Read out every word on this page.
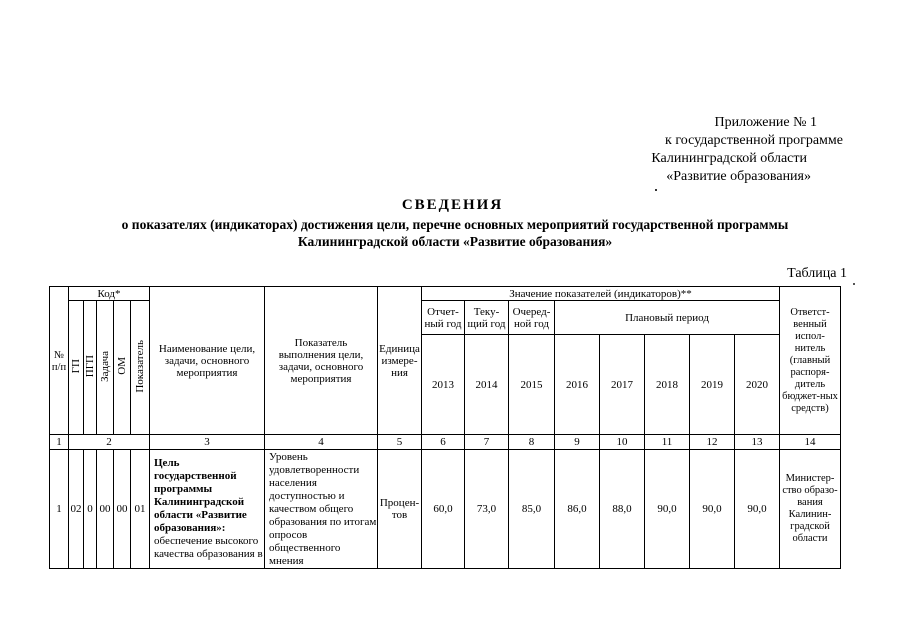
Приложение № 1
к государственной программе
Калининградской области
«Развитие образования»
СВЕДЕНИЯ
о показателях (индикаторах) достижения цели, перечне основных мероприятий государственной программы
Калининградской области «Развитие образования»
Таблица 1
№ п/п	Код*					Наименование цели, задачи, основного мероприятия	Показатель выполнения цели, задачи, основного мероприятия	Единица измере-ния	Значение показателей (индикаторов)**								Ответст-венный испол-нитель (главный распоря-дитель бюджет-ных средств)
	ГП	ПГП	Задача	ОМ	Показатель				Отчет-ный год	Теку-щий год	Очеред-ной год	Плановый период					
									2013	2014	2015	2016	2017	2018	2019	2020	
1	2					3	4	5	6	7	8	9	10	11	12	13	14
1	02	0	00	00	01	Цель государственной программы Калининградской области «Развитие образования»: обеспечение высокого качества образования в	Уровень удовлетворенности населения доступностью и качеством общего образования по итогам опросов общественного мнения	Процен-тов	60,0	73,0	85,0	86,0	88,0	90,0	90,0	90,0	Министер-ство образо-вания Калинин-градской области
